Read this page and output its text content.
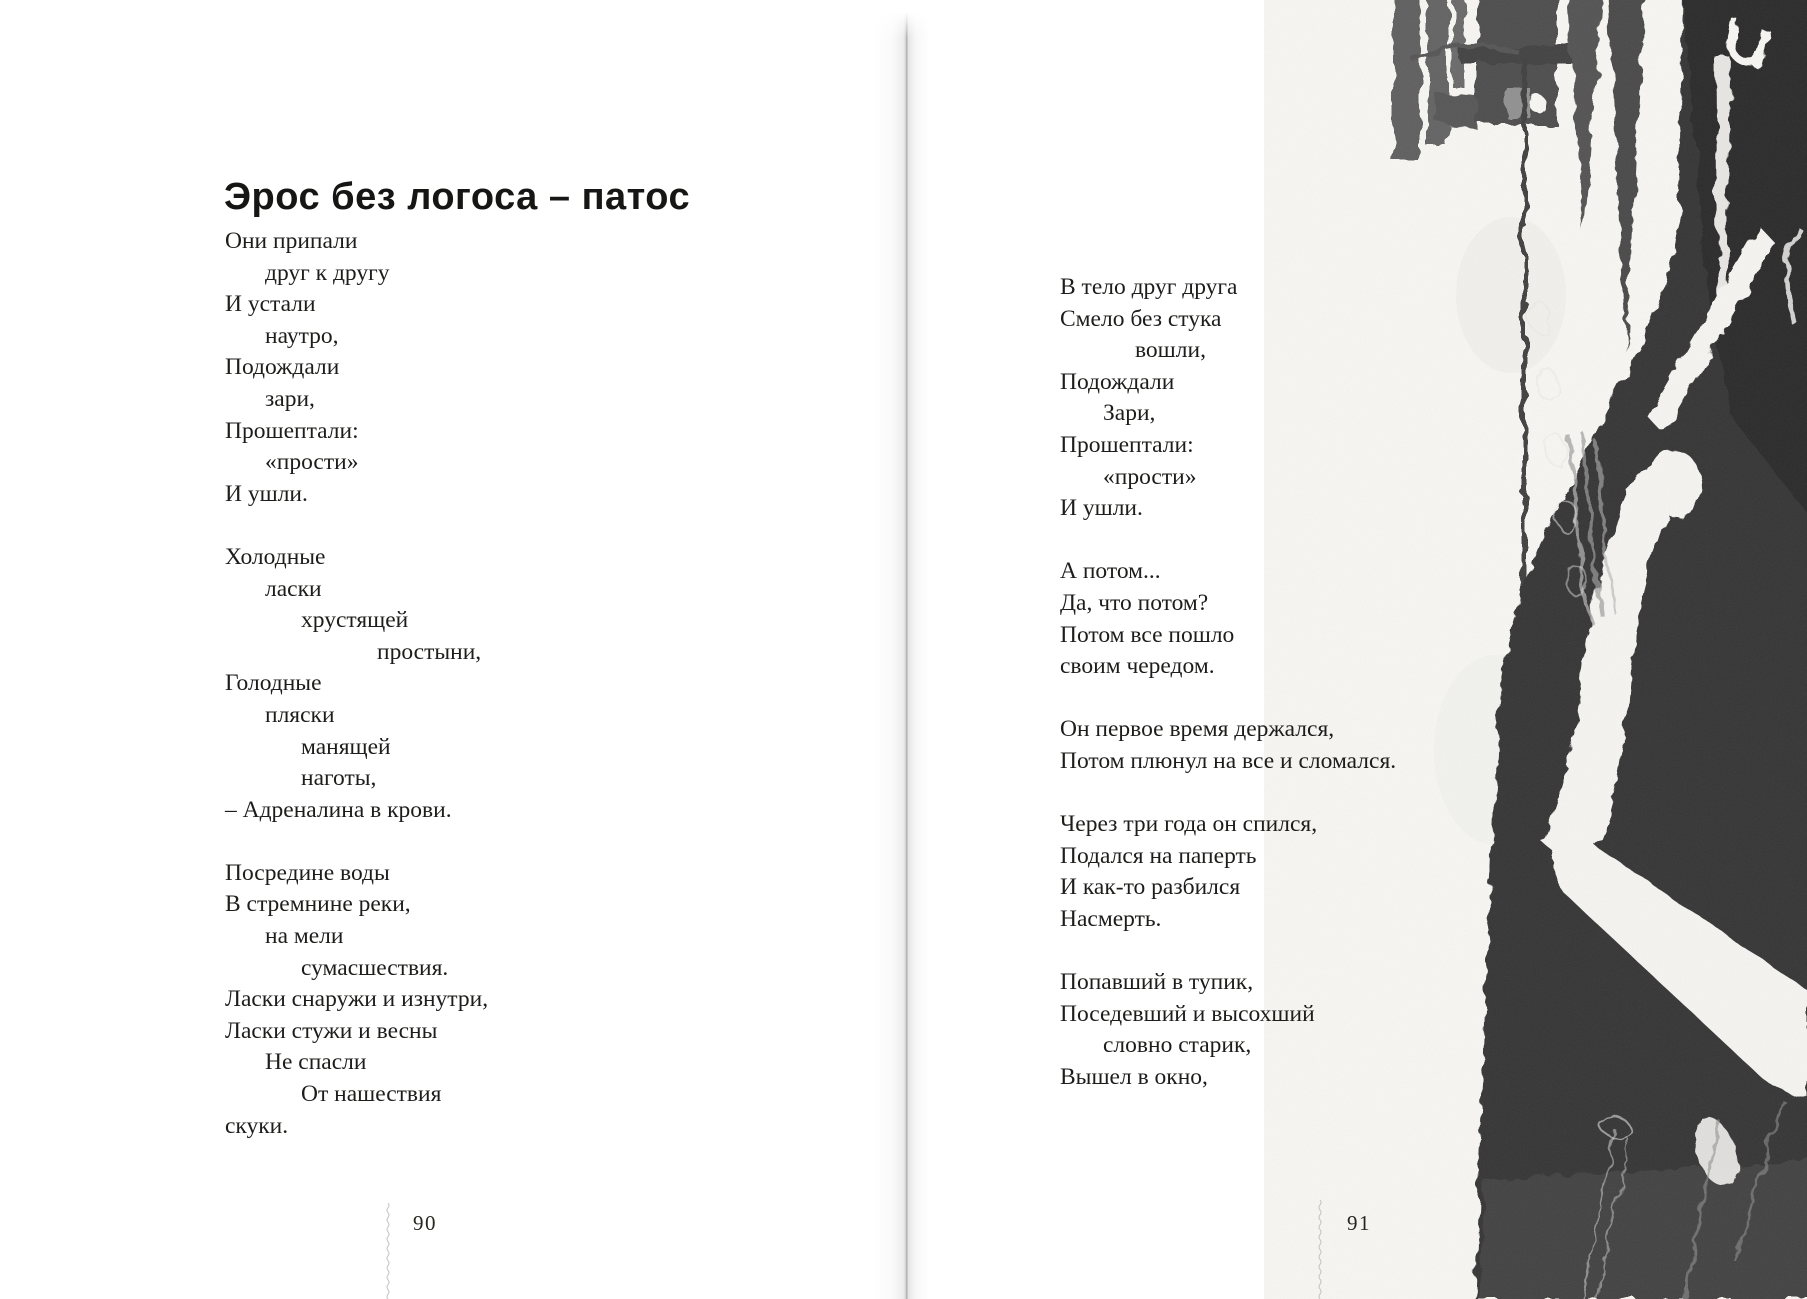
Эрос без логоса – патос
Они припали
друг к другу
И устали
наутро,
Подождали
зари,
Прошептали:
«прости»
И ушли.
Холодные
ласки
хрустящей
простыни,
Голодные
пляски
манящей
наготы,
– Адреналина в крови.
Посредине воды
В стремнине реки,
на мели
сумасшествия.
Ласки снаружи и изнутри,
Ласки стужи и весны
Не спасли
От нашествия
скуки.
90
В тело друг друга
Смело без стука
вошли,
Подождали
Зари,
Прошептали:
«прости»
И ушли.
А потом...
Да, что потом?
Потом все пошло
своим чередом.
Он первое время держался,
Потом плюнул на все и сломался.
Через три года он спился,
Подался на паперть
И как-то разбился
Насмерть.
Попавший в тупик,
Поседевший и высохший
словно старик,
Вышел в окно,
91
